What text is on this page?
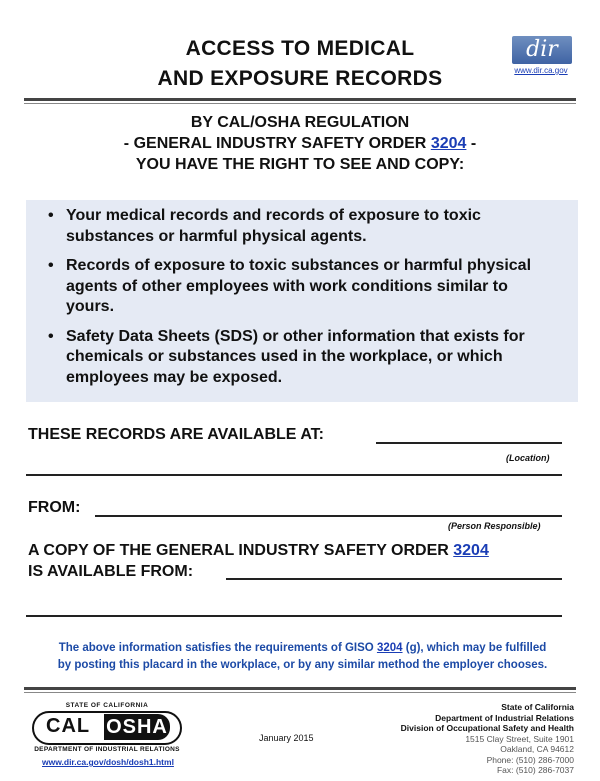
ACCESS TO MEDICAL
AND EXPOSURE RECORDS
dir
www.dir.ca.gov
BY CAL/OSHA REGULATION
- GENERAL INDUSTRY SAFETY ORDER 3204 -
YOU HAVE THE RIGHT TO SEE AND COPY:
• Your medical records and records of exposure to toxic substances or harmful physical agents.
• Records of exposure to toxic substances or harmful physical agents of other employees with work conditions similar to yours.
• Safety Data Sheets (SDS) or other information that exists for chemicals or substances used in the workplace, or which employees may be exposed.
THESE RECORDS ARE AVAILABLE AT:
(Location)
FROM:
(Person Responsible)
A COPY OF THE GENERAL INDUSTRY SAFETY ORDER 3204
IS AVAILABLE FROM:
The above information satisfies the requirements of GISO 3204 (g), which may be fulfilled
by posting this placard in the workplace, or by any similar method the employer chooses.
STATE OF CALIFORNIA
CAL OSHA
DEPARTMENT OF INDUSTRIAL RELATIONS
www.dir.ca.gov/dosh/dosh1.html
January 2015
State of California
Department of Industrial Relations
Division of Occupational Safety and Health
1515 Clay Street, Suite 1901
Oakland, CA 94612
Phone: (510) 286-7000
Fax: (510) 286-7037
